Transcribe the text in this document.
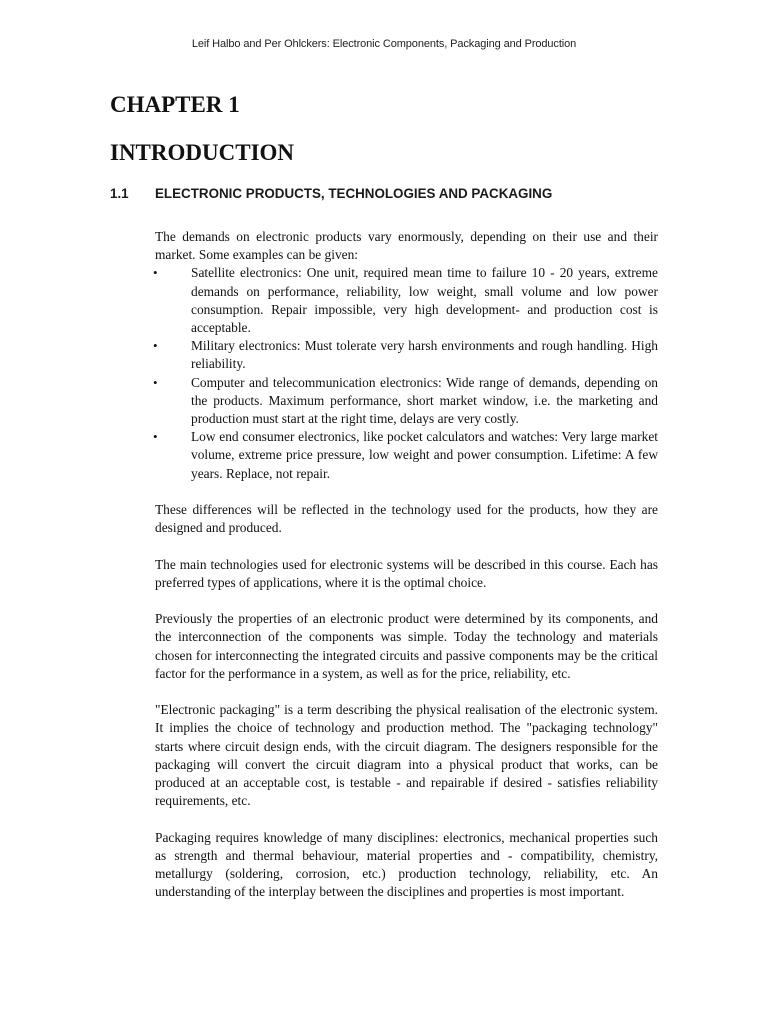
Leif Halbo and Per Ohlckers: Electronic Components, Packaging and Production
CHAPTER 1
INTRODUCTION
1.1 ELECTRONIC PRODUCTS, TECHNOLOGIES AND PACKAGING

The demands on electronic products vary enormously, depending on their use and their market. Some examples can be given:

• Satellite electronics: One unit, required mean time to failure 10 - 20 years, extreme demands on performance, reliability, low weight, small volume and low power consumption. Repair impossible, very high development- and production cost is acceptable.
• Military electronics: Must tolerate very harsh environments and rough handling. High reliability.
• Computer and telecommunication electronics: Wide range of demands, depending on the products. Maximum performance, short market window, i.e. the marketing and production must start at the right time, delays are very costly.
• Low end consumer electronics, like pocket calculators and watches: Very large market volume, extreme price pressure, low weight and power consumption. Lifetime: A few years. Replace, not repair.

These differences will be reflected in the technology used for the products, how they are designed and produced.

The main technologies used for electronic systems will be described in this course. Each has preferred types of applications, where it is the optimal choice.

Previously the properties of an electronic product were determined by its components, and the interconnection of the components was simple. Today the technology and materials chosen for interconnecting the integrated circuits and passive components may be the critical factor for the performance in a system, as well as for the price, reliability, etc.

"Electronic packaging" is a term describing the physical realisation of the electronic system. It implies the choice of technology and production method. The "packaging technology" starts where circuit design ends, with the circuit diagram. The designers responsible for the packaging will convert the circuit diagram into a physical product that works, can be produced at an acceptable cost, is testable - and repairable if desired - satisfies reliability requirements, etc.

Packaging requires knowledge of many disciplines: electronics, mechanical properties such as strength and thermal behaviour, material properties and - compatibility, chemistry, metallurgy (soldering, corrosion, etc.) production technology, reliability, etc. An understanding of the interplay between the disciplines and properties is most important.
